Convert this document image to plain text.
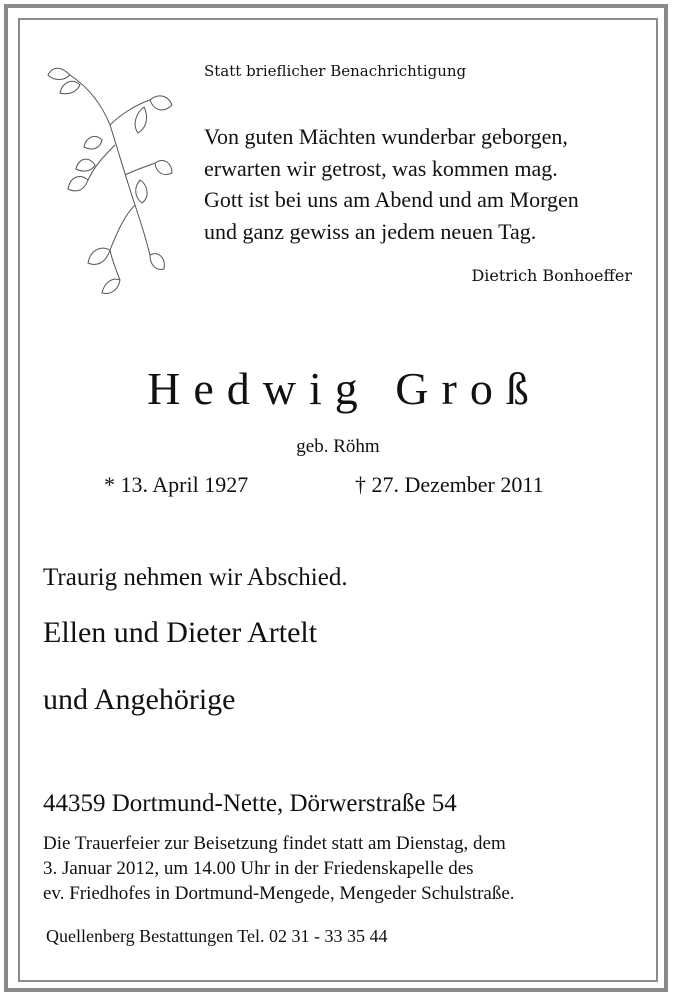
Statt brieflicher Benachrichtigung
Von guten Mächten wunderbar geborgen,
erwarten wir getrost, was kommen mag.
Gott ist bei uns am Abend und am Morgen
und ganz gewiss an jedem neuen Tag.
Dietrich Bonhoeffer
Hedwig Groß
geb. Röhm
* 13. April 1927	† 27. Dezember 2011
Traurig nehmen wir Abschied.
Ellen und Dieter Artelt
und Angehörige
44359 Dortmund-Nette, Dörwerstraße 54
Die Trauerfeier zur Beisetzung findet statt am Dienstag, dem
3. Januar 2012, um 14.00 Uhr in der Friedenskapelle des
ev. Friedhofes in Dortmund-Mengede, Mengeder Schulstraße.
Quellenberg Bestattungen Tel. 02 31 - 33 35 44
